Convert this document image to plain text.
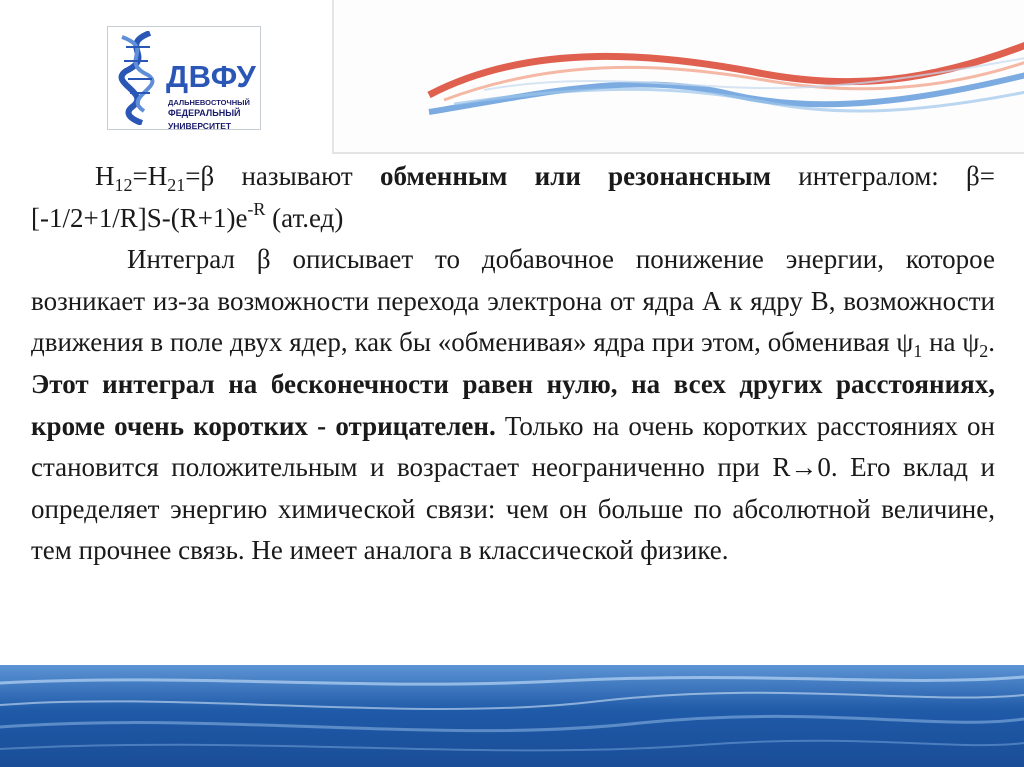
ДВФУ
ДАЛЬНЕВОСТОЧНЫЙ
ФЕДЕРАЛЬНЫЙ
УНИВЕРСИТЕТ

$H_{12}=H_{21}=\beta$ называют обменным или резонансным интегралом: $\beta=[-1/2+1/R]S-(R+1)e^{-R}$ (ат.ед)

Интеграл β описывает то добавочное понижение энергии, которое возникает из-за возможности перехода электрона от ядра А к ядру В, возможности движения в поле двух ядер, как бы «обменивая» ядра при этом, обменивая $\psi_1$ на $\psi_2$. Этот интеграл на бесконечности равен нулю, на всех других расстояниях, кроме очень коротких - отрицателен. Только на очень коротких расстояниях он становится положительным и возрастает неограниченно при R→0. Его вклад и определяет энергию химической связи: чем он больше по абсолютной величине, тем прочнее связь. Не имеет аналога в классической физике.
